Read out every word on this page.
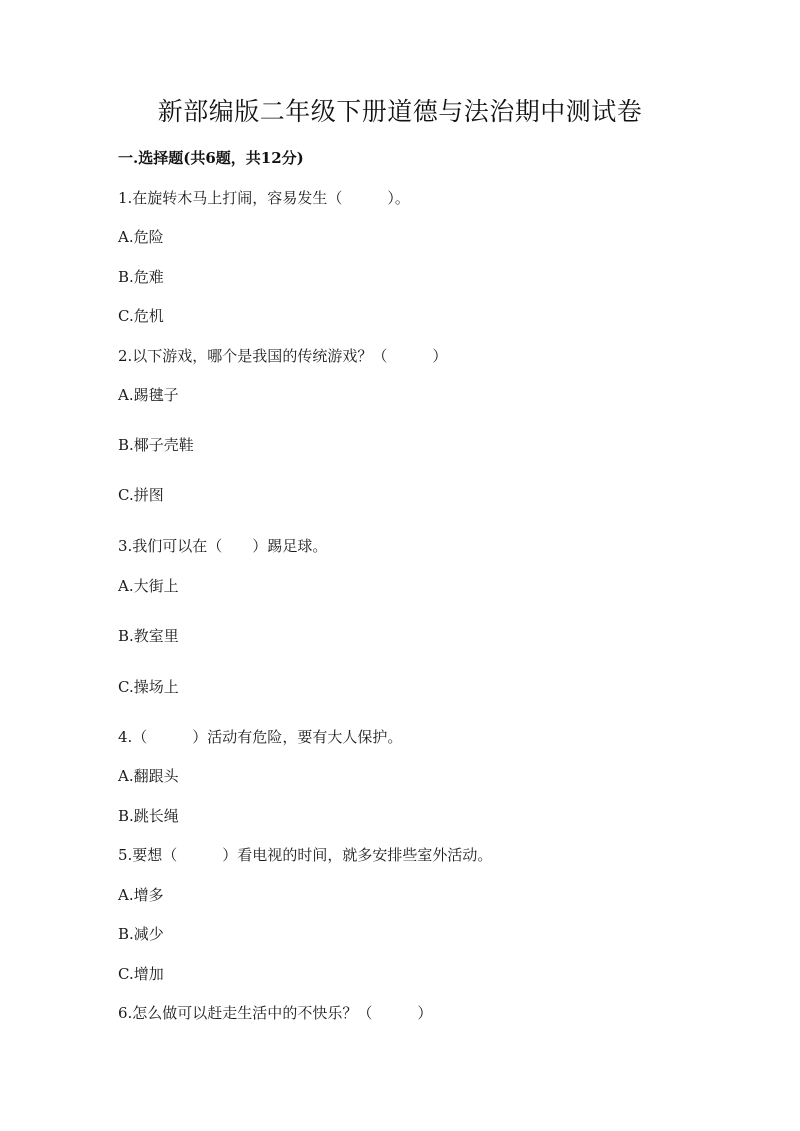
新部编版二年级下册道德与法治期中测试卷
一.选择题(共6题，共12分)
1.在旋转木马上打闹，容易发生（　　　）。
A.危险
B.危难
C.危机
2.以下游戏，哪个是我国的传统游戏？（　　　）
A.踢毽子
B.椰子壳鞋
C.拼图
3.我们可以在（　　）踢足球。
A.大街上
B.教室里
C.操场上
4.（　　　）活动有危险，要有大人保护。
A.翻跟头
B.跳长绳
5.要想（　　　）看电视的时间，就多安排些室外活动。
A.增多
B.减少
C.增加
6.怎么做可以赶走生活中的不快乐？（　　　）
